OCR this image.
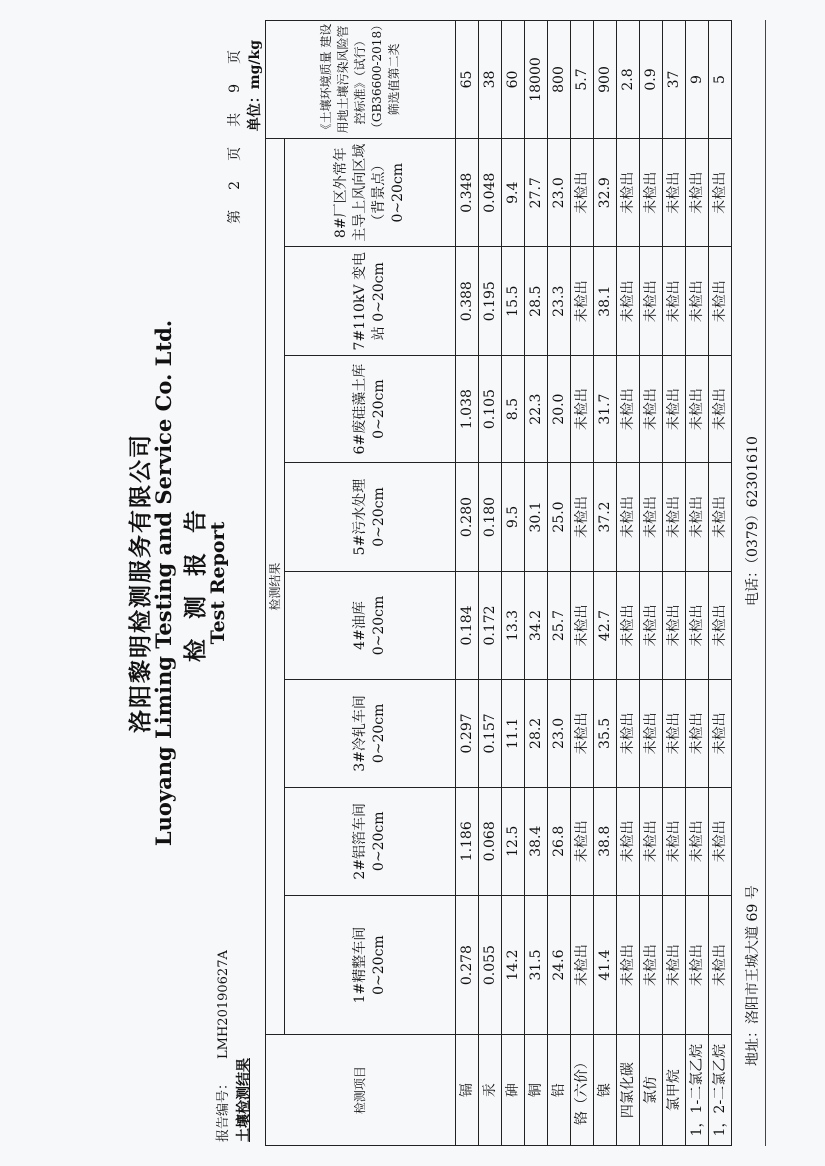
洛阳黎明检测服务有限公司
Luoyang Liming Testing and Service Co. Ltd. 检 测 报 告
Test Report
报告编号：LMH20190627A
土壤检测结果
第2页共9页 单位：mg/kg
检测项目	检测结果								《土壤环境质量 建设用地土壤污染风险管控标准》（试行）（GB36600-2018）筛选值第二类
	1#精整车间 0~20cm	2#铝箔车间 0~20cm	3#冷轧车间 0~20cm	4#油库 0~20cm	5#污水处理 0~20cm	6#废硅藻土库 0~20cm	7#110kV 变电站 0~20cm	8#厂区外常年主导上风向区域（背景点）0~20cm	
镉	0.278	1.186	0.297	0.184	0.280	1.038	0.388	0.348	65
汞	0.055	0.068	0.157	0.172	0.180	0.105	0.195	0.048	38
砷	14.2	12.5	11.1	13.3	9.5	8.5	15.5	9.4	60
铜	31.5	38.4	28.2	34.2	30.1	22.3	28.5	27.7	18000
铅	24.6	26.8	23.0	25.7	25.0	20.0	23.3	23.0	800
铬（六价）	未检出	未检出	未检出	未检出	未检出	未检出	未检出	未检出	5.7
镍	41.4	38.8	35.5	42.7	37.2	31.7	38.1	32.9	900
四氯化碳	未检出	未检出	未检出	未检出	未检出	未检出	未检出	未检出	2.8
氯仿	未检出	未检出	未检出	未检出	未检出	未检出	未检出	未检出	0.9
氯甲烷	未检出	未检出	未检出	未检出	未检出	未检出	未检出	未检出	37
1，1-二氯乙烷	未检出	未检出	未检出	未检出	未检出	未检出	未检出	未检出	9
1，2-二氯乙烷	未检出	未检出	未检出	未检出	未检出	未检出	未检出	未检出	5
地址：洛阳市王城大道 69 号
电话：（0379）62301610
